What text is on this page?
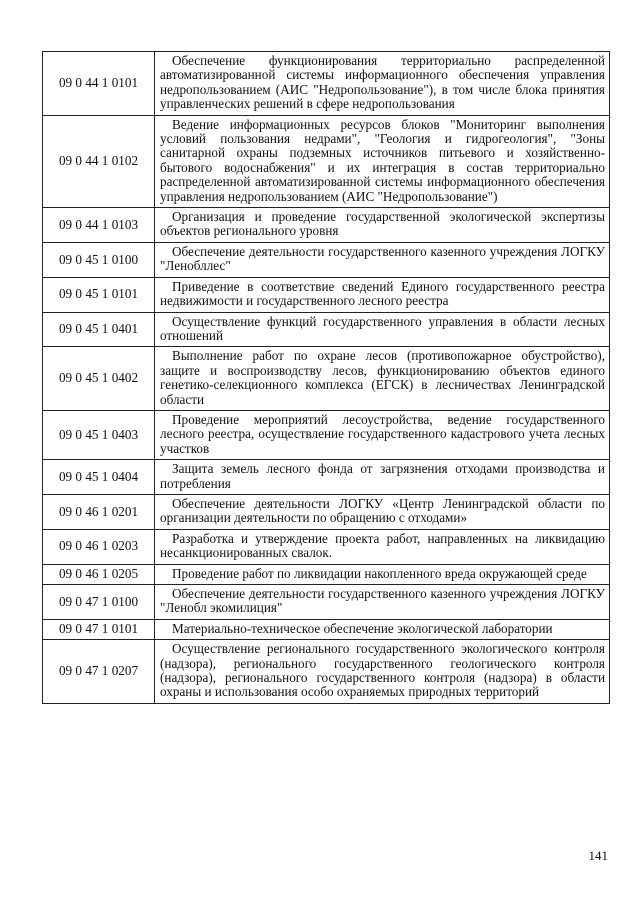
09 0 44 1 0101	Обеспечение функционирования территориально распределенной автоматизированной системы информационного обеспечения управления недропользованием (АИС "Недропользование"), в том числе блока принятия управленческих решений в сфере недропользования
09 0 44 1 0102	Ведение информационных ресурсов блоков "Мониторинг выполнения условий пользования недрами", "Геология и гидрогеология", "Зоны санитарной охраны подземных источников питьевого и хозяйственно-бытового водоснабжения" и их интеграция в состав территориально распределенной автоматизированной системы информационного обеспечения управления недропользованием (АИС "Недропользование")
09 0 44 1 0103	Организация и проведение государственной экологической экспертизы объектов регионального уровня
09 0 45 1 0100	Обеспечение деятельности государственного казенного учреждения ЛОГКУ "Ленобллес"
09 0 45 1 0101	Приведение в соответствие сведений Единого государственного реестра недвижимости и государственного лесного реестра
09 0 45 1 0401	Осуществление функций государственного управления в области лесных отношений
09 0 45 1 0402	Выполнение работ по охране лесов (противопожарное обустройство), защите и воспроизводству лесов, функционированию объектов единого генетико-селекционного комплекса (ЕГСК) в лесничествах Ленинградской области
09 0 45 1 0403	Проведение мероприятий лесоустройства, ведение государственного лесного реестра, осуществление государственного кадастрового учета лесных участков
09 0 45 1 0404	Защита земель лесного фонда от загрязнения отходами производства и потребления
09 0 46 1 0201	Обеспечение деятельности ЛОГКУ «Центр Ленинградской области по организации деятельности по обращению с отходами»
09 0 46 1 0203	Разработка и утверждение проекта работ, направленных на ликвидацию несанкционированных свалок.
09 0 46 1 0205	Проведение работ по ликвидации накопленного вреда окружающей среде
09 0 47 1 0100	Обеспечение деятельности государственного казенного учреждения ЛОГКУ "Ленобл экомилиция"
09 0 47 1 0101	Материально-техническое обеспечение экологической лаборатории
09 0 47 1 0207	Осуществление регионального государственного экологического контроля (надзора), регионального государственного геологического контроля (надзора), регионального государственного контроля (надзора) в области охраны и использования особо охраняемых природных территорий
141
